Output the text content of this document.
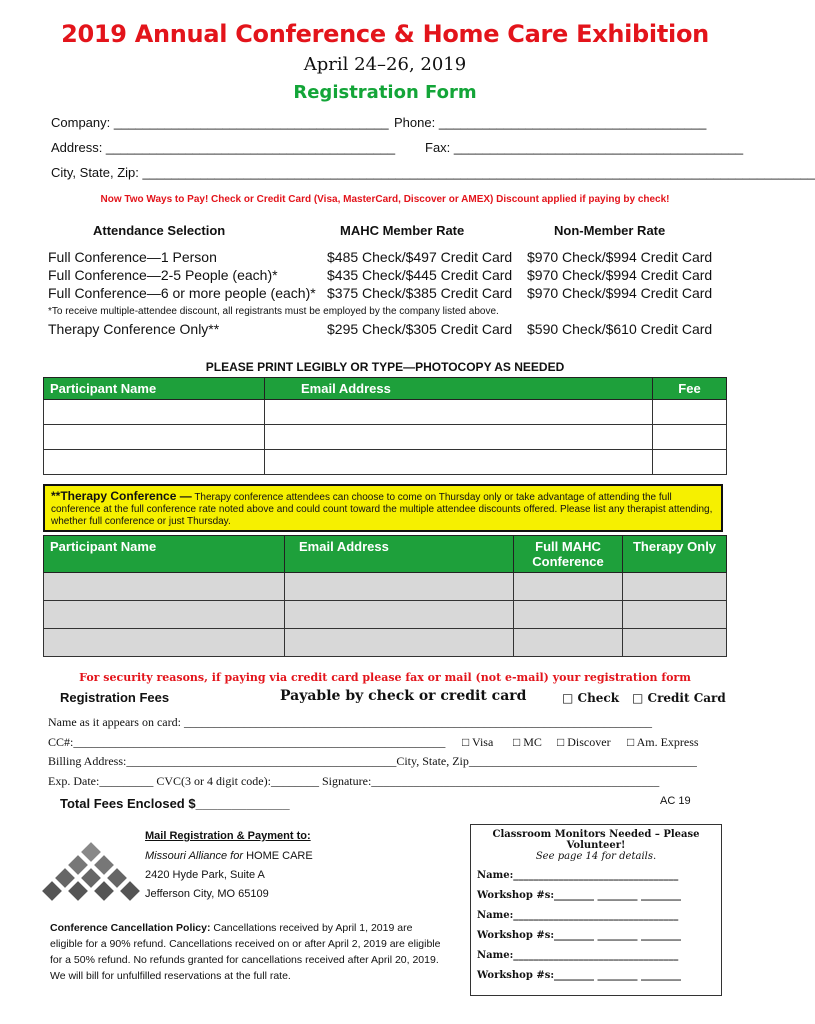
2019 Annual Conference & Home Care Exhibition
April 24–26, 2019
Registration Form
Company: ______________________________________ Phone: _____________________________________
Address: ________________________________________ Fax: ________________________________________
City, State, Zip: _____________________________________________________________________________________________
Now Two Ways to Pay! Check or Credit Card (Visa, MasterCard, Discover or AMEX) Discount applied if paying by check!
Attendance Selection	MAHC Member Rate	Non-Member Rate
Full Conference—1 Person	$485 Check/$497 Credit Card $970 Check/$994 Credit Card
Full Conference—2-5 People (each)*	$435 Check/$445 Credit Card $970 Check/$994 Credit Card
Full Conference—6 or more people (each)* $375 Check/$385 Credit Card $970 Check/$994 Credit Card
*To receive multiple-attendee discount, all registrants must be employed by the company listed above.
Therapy Conference Only**	$295 Check/$305 Credit Card $590 Check/$610 Credit Card
PLEASE PRINT LEGIBLY OR TYPE—PHOTOCOPY AS NEEDED
Participant Name	Email Address	Fee

**Therapy Conference — Therapy conference attendees can choose to come on Thursday only or take advantage of attending the full conference at the full conference rate noted above and could count toward the multiple attendee discounts offered. Please list any therapist attending, whether full conference or just Thursday.
Participant Name	Email Address	Full MAHC Conference	Therapy Only

For security reasons, if paying via credit card please fax or mail (not e-mail) your registration form
Registration Fees	Payable by check or credit card	□ Check □ Credit Card
Name as it appears on card: ______________________________________________________________________________
CC#:______________________________________________________________ □ Visa □ MC □ Discover □ Am. Express
Billing Address:_____________________________________________City, State, Zip______________________________________
Exp. Date:_________ CVC(3 or 4 digit code):________ Signature:________________________________________________
Total Fees Enclosed $_____________	AC 19
Mail Registration & Payment to:
Missouri Alliance for HOME CARE
2420 Hyde Park, Suite A
Jefferson City, MO 65109
Conference Cancellation Policy: Cancellations received by April 1, 2019 are eligible for a 90% refund. Cancellations received on or after April 2, 2019 are eligible for a 50% refund. No refunds granted for cancellations received after April 20, 2019. We will bill for unfulfilled reservations at the full rate.
Classroom Monitors Needed – Please Volunteer!
See page 14 for details.
Name:_________________________________
Workshop #s:________ ________ ________
Name:_________________________________
Workshop #s:________ ________ ________
Name:_________________________________
Workshop #s:________ ________ ________
